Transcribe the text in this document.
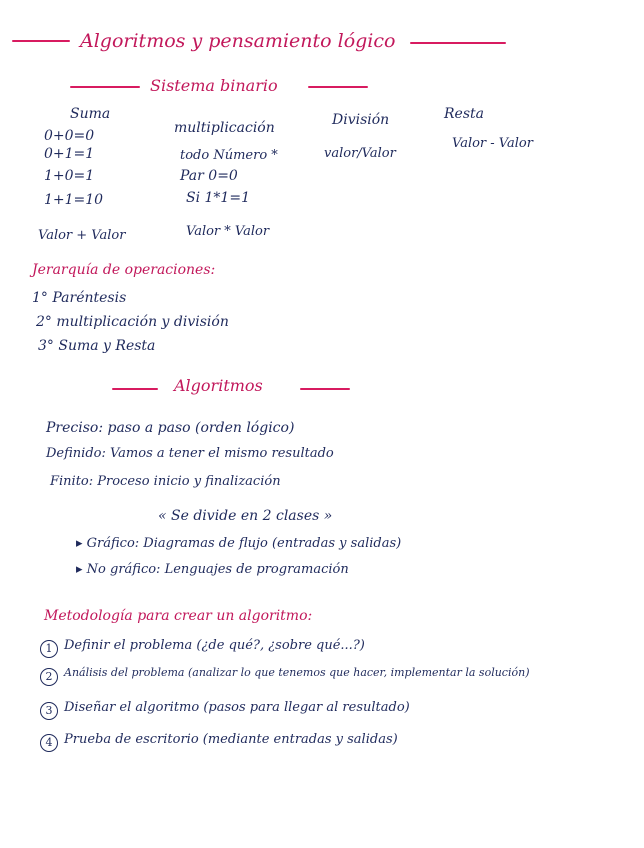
Algoritmos y pensamiento lógico
Sistema binario
Suma
0+0=0
0+1=1
1+0=1
1+1=10
Valor + Valor
multiplicación
todo Número *
Par 0=0
Si 1*1=1
Valor * Valor
División
valor/Valor
Resta
Valor - Valor
Jerarquía de operaciones:
1° Paréntesis
2° multiplicación y división
3° Suma y Resta
Algoritmos
Preciso: paso a paso (orden lógico)
Definido: Vamos a tener el mismo resultado
Finito: Proceso inicio y finalización
« Se divide en 2 clases »
▸ Gráfico: Diagramas de flujo (entradas y salidas)
▸ No gráfico: Lenguajes de programación
Metodología para crear un algoritmo:
1 Definir el problema (¿de qué?, ¿sobre qué...?)
2	Análisis del problema (analizar lo que tenemos que hacer, implementar la solución)
3 Diseñar el algoritmo (pasos para llegar al resultado)
4 Prueba de escritorio (mediante entradas y salidas)
